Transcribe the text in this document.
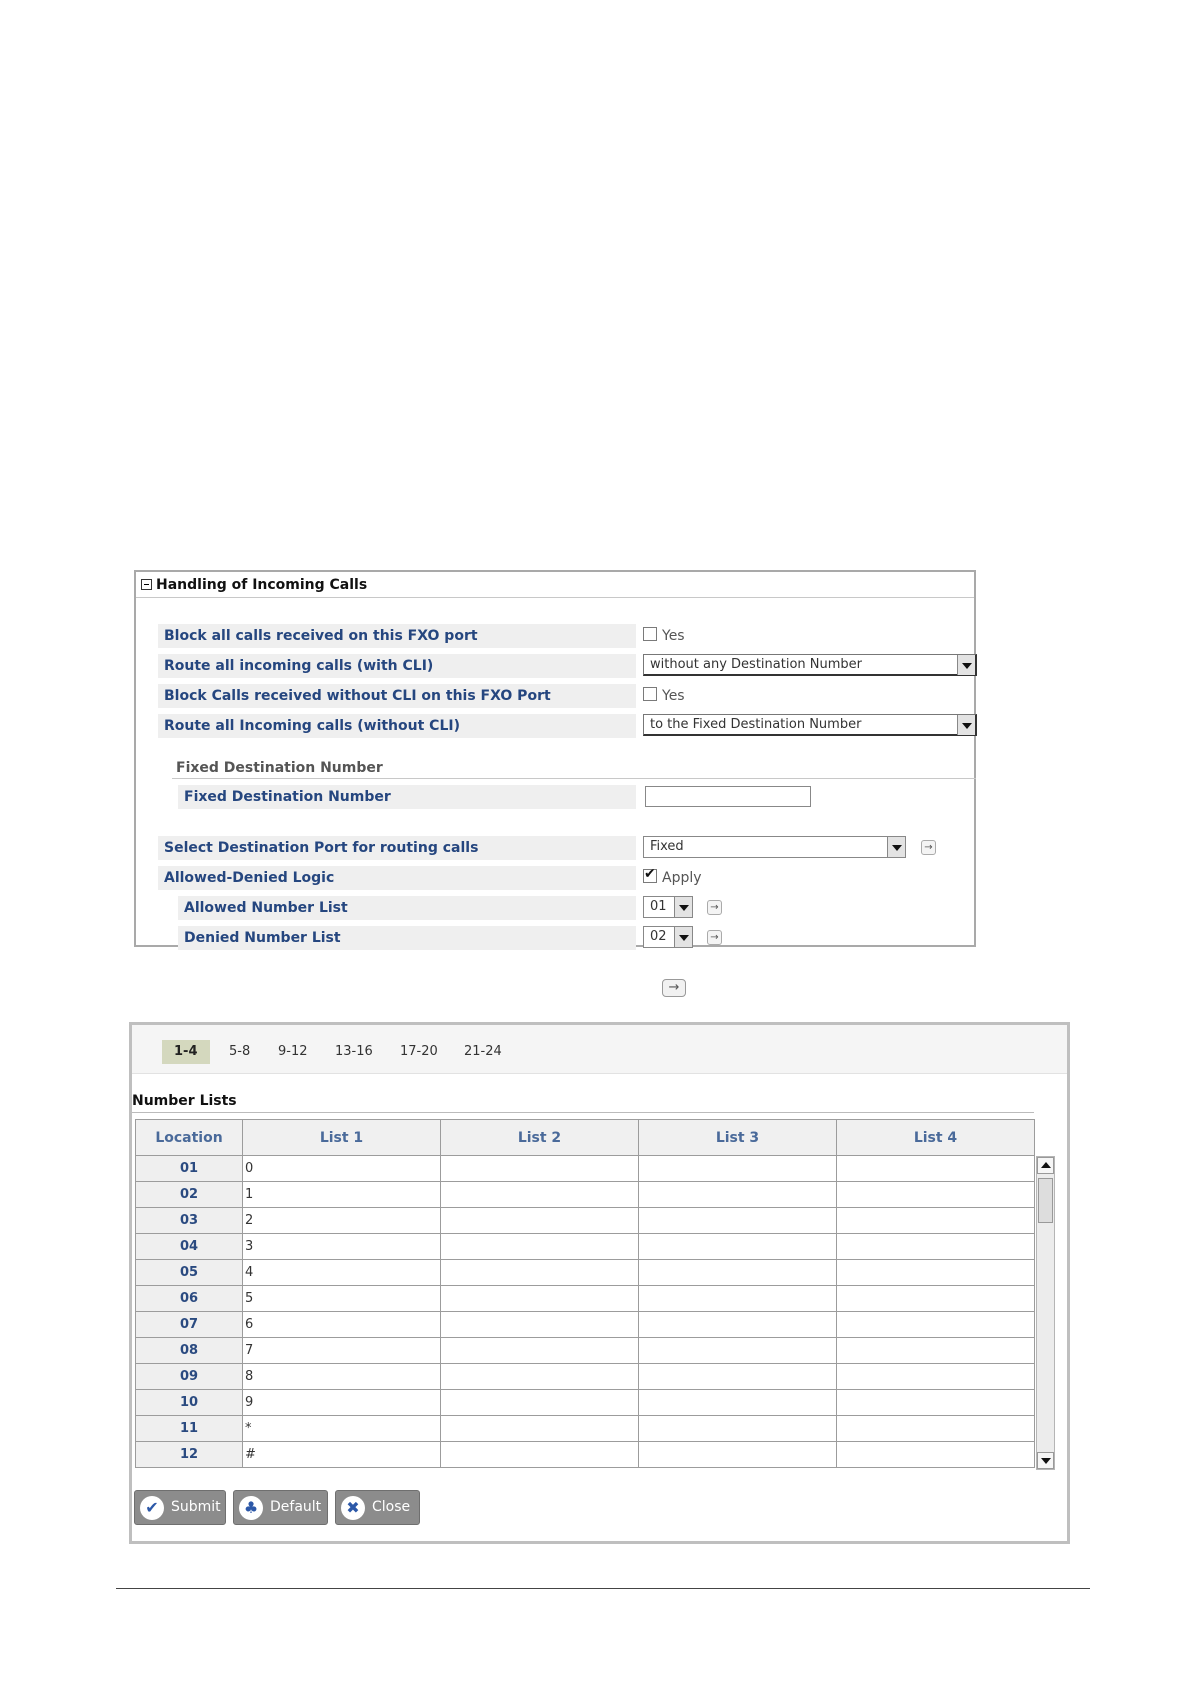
Handling of Incoming Calls
Block all calls received on this FXO port	Yes
Route all incoming calls (with CLI)	without any Destination Number
Block Calls received without CLI on this FXO Port	Yes
Route all Incoming calls (without CLI)	to the Fixed Destination Number
Fixed Destination Number
Fixed Destination Number
Select Destination Port for routing calls	Fixed	→
Allowed-Denied Logic ✔	Apply
Allowed Number List	01	→
Denied Number List	02	→
→
1-4	5-8	9-12	13-16	17-20	21-24
Number Lists
Location	List 1	List 2	List 3	List 4
01	0			
02	1			
03	2			
04	3			
05	4			
06	5			
07	6			
08	7			
09	8			
10	9			
11	*			
12	#			
✔ Submit	♣ Default	✖ Close
